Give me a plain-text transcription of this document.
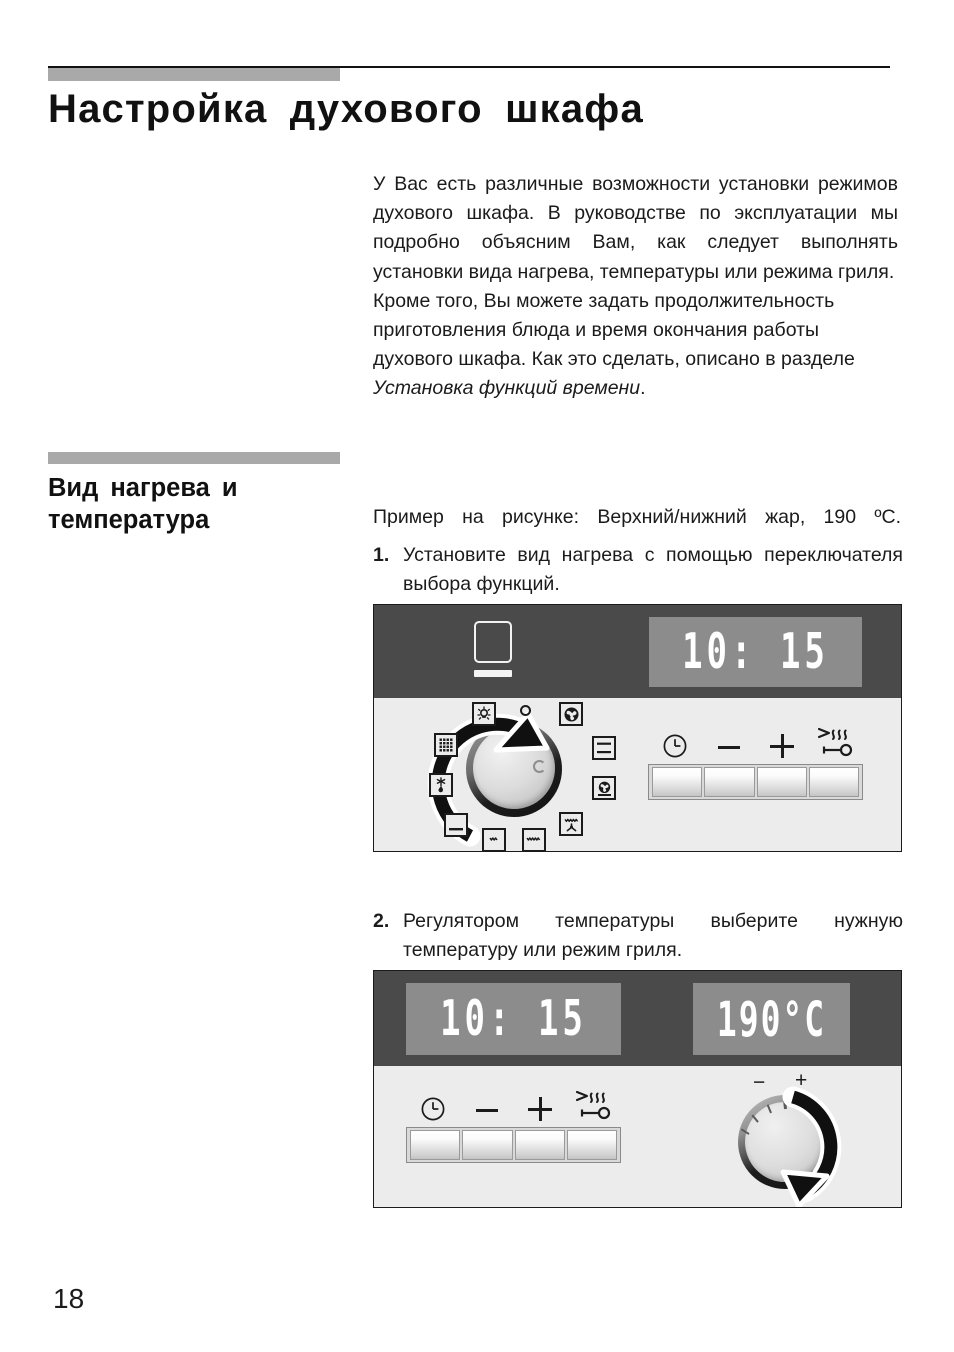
Настройка духового шкафа

У Вас есть различные возможности установки режимов духового шкафа. В руководстве по эксплуатации мы подробно объясним Вам, как следует выполнять установки вида нагрева, температуры или режима гриля.

Кроме того, Вы можете задать продолжительность приготовления блюда и время окончания работы духового шкафа. Как это сделать, описано в разделе Установка функций времени.

Вид нагрева и температура	Пример на рисунке: Верхний/нижний жар, 190 ºC.
1. Установите вид нагрева с помощью переключателя выбора функций.
10: 15
2. Регулятором температуры выберите нужную температуру или режим гриля.
10: 15	190°C
− +
18
